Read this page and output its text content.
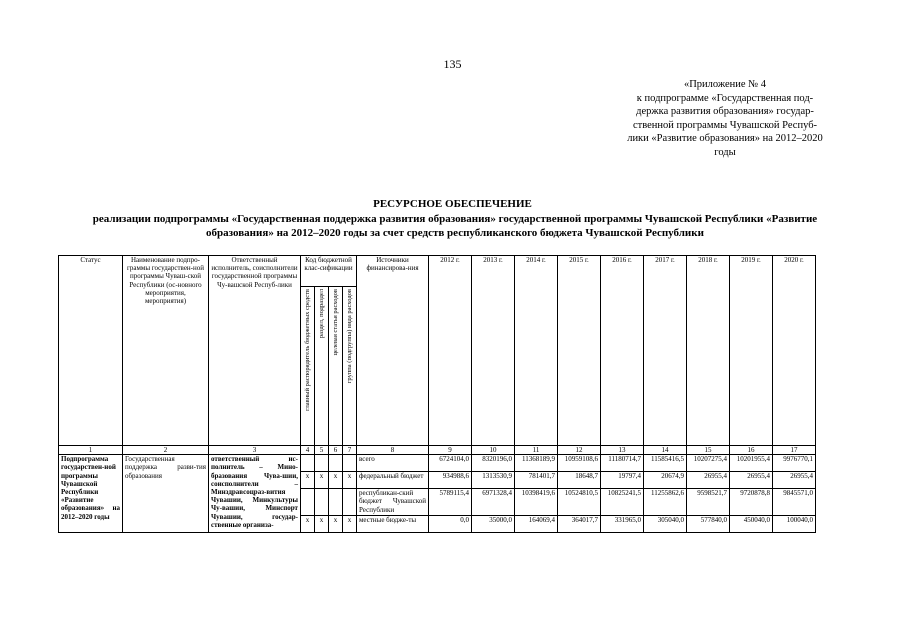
135
«Приложение № 4
к подпрограмме «Государственная под-
держка развития образования» государ-
ственной программы Чувашской Респуб-
лики «Развитие образования» на 2012–2020
годы
РЕСУРСНОЕ ОБЕСПЕЧЕНИЕ
реализации подпрограммы «Государственная поддержка развития образования» государственной программы Чувашской Республики «Развитие образования» на 2012–2020 годы за счет средств республиканского бюджета Чувашской Республики
Статус	Наименование подпро-граммы государствен-ной программы Чуваш-ской Республики (ос-новного мероприятия, мероприятия)	Ответственный исполнитель, соисполнители государственной программы Чу-вашской Респуб-лики	Код бюджетной клас-сификации				Источники финансирова-ния	2012 г.	2013 г.	2014 г.	2015 г.	2016 г.	2017 г.	2018 г.	2019 г.	2020 г.
			главный распорядитель бюджетных средств	раздел, подраздел	целевая статья расходов	группа (подгруппа) вида расходов										
1	2	3	4	5	6	7	8	9	10	11	12	13	14	15	16	17
Подпрограмма государствен-ной программы Чувашской Республики «Развитие образования» на 2012–2020 годы	Государственная поддержка разви-тия образования	ответственный ис-полнитель – Мино-бразования Чува-шии, соисполнители – Минздравсоцраз-вития Чувашии, Минкультуры Чу-вашии, Минспорт Чувашии, государ-ственные организа-					всего	6724104,0	8320196,0	11368189,9	10959108,6	11180714,7	11585416,5	10207275,4	10201955,4	9976770,1
			х	х	х	х	федеральный бюджет	934988,6	1313530,9	781401,7	18648,7	19797,4	20674,9	26955,4	26955,4	26955,4
							республикан-ский бюджет Чувашской Республики	5789115,4	6971328,4	10398419,6	10524810,5	10825241,5	11255862,6	9598521,7	9720878,8	9845571,0
			х	х	х	х	местные бюдже-ты	0,0	35000,0	164069,4	364017,7	331965,0	305040,0	577840,0	450040,0	100040,0
